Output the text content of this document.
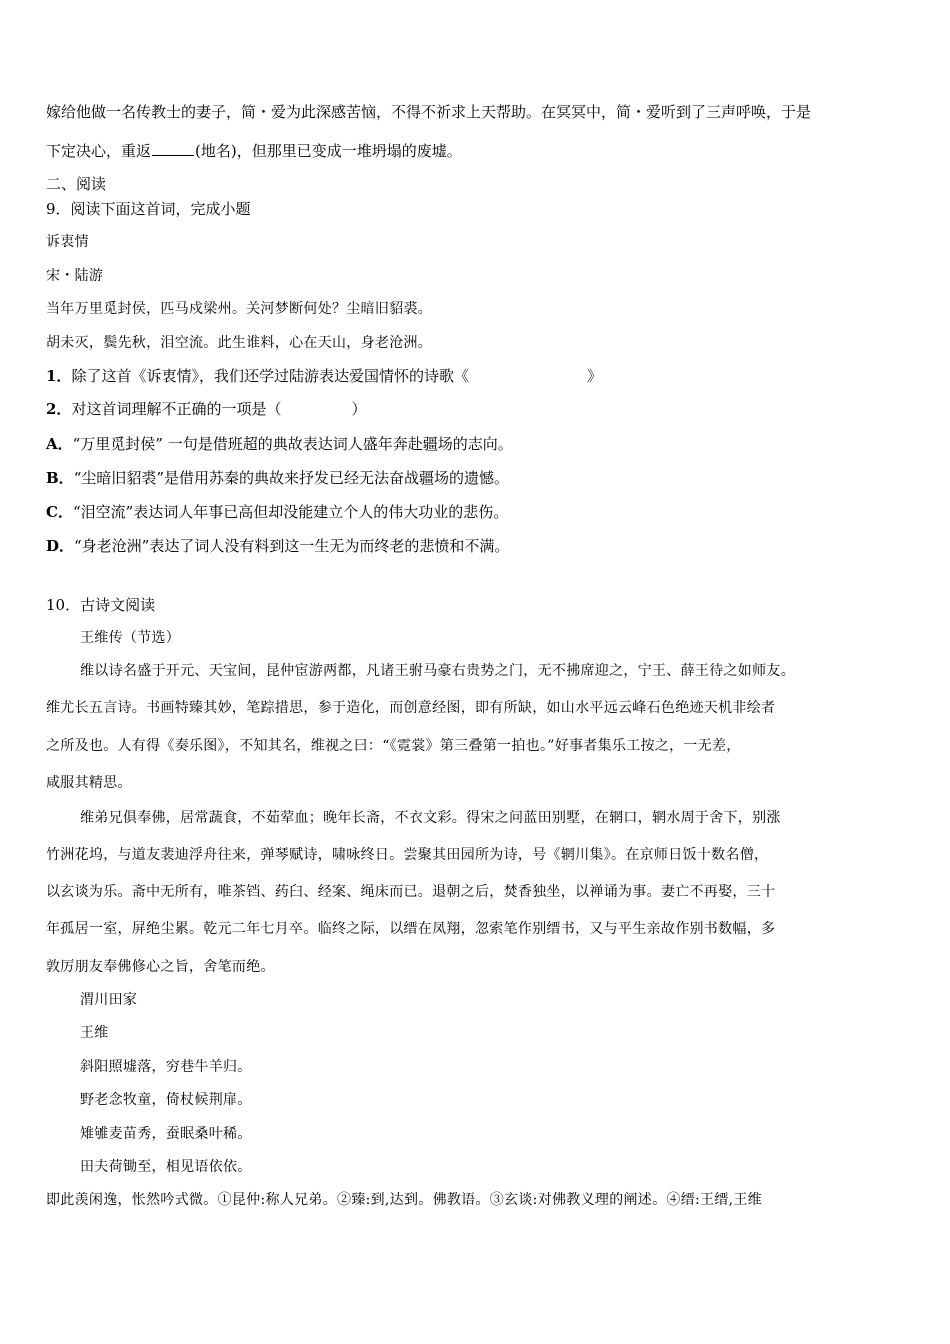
嫁给他做一名传教士的妻子，简・爱为此深感苦恼，不得不祈求上天帮助。在冥冥中，简・爱听到了三声呼唤，于是
下定决心，重返	(地名)，但那里已变成一堆坍塌的废墟。
二、阅读
9．阅读下面这首词，完成小题
诉衷情
宋・陆游
当年万里觅封侯，匹马戍梁州。关河梦断何处？尘暗旧貂裘。
胡未灭，鬓先秋，泪空流。此生谁料，心在天山，身老沧洲。
1．除了这首《诉衷情》，我们还学过陆游表达爱国情怀的诗歌《	》
2．对这首词理解不正确的一项是（	）
A．“万里觅封侯” 一句是借班超的典故表达词人盛年奔赴疆场的志向。
B．“尘暗旧貂裘”是借用苏秦的典故来抒发已经无法奋战疆场的遗憾。
C．“泪空流”表达词人年事已高但却没能建立个人的伟大功业的悲伤。
D．“身老沧洲”表达了词人没有料到这一生无为而终老的悲愤和不满。
10．古诗文阅读
王维传（节选）
维以诗名盛于开元、天宝间，昆仲宦游两都，凡诸王驸马豪右贵势之门，无不拂席迎之，宁王、薛王待之如师友。
维尤长五言诗。书画特臻其妙，笔踪措思，参于造化，而创意经图，即有所缺，如山水平远云峰石色绝迹天机非绘者
之所及也。人有得《奏乐图》，不知其名，维视之曰：“《霓裳》第三叠第一拍也。”好事者集乐工按之，一无差，
咸服其精思。
维弟兄俱奉佛，居常蔬食，不茹荤血；晚年长斋，不衣文彩。得宋之问蓝田别墅，在辋口，辋水周于舍下，别涨
竹洲花坞，与道友裴迪浮舟往来，弹琴赋诗，啸咏终日。尝聚其田园所为诗，号《辋川集》。在京师日饭十数名僧，
以玄谈为乐。斋中无所有，唯茶铛、药臼、经案、绳床而已。退朝之后，焚香独坐，以禅诵为事。妻亡不再娶，三十
年孤居一室，屏绝尘累。乾元二年七月卒。临终之际，以缙在凤翔，忽索笔作别缙书，又与平生亲故作别书数幅，多
敦厉朋友奉佛修心之旨，舍笔而绝。
渭川田家
王维
斜阳照墟落，穷巷牛羊归。
野老念牧童，倚杖候荆扉。
雉雊麦苗秀，蚕眠桑叶稀。
田夫荷锄至，相见语依依。
即此羡闲逸，怅然吟式微。①昆仲:称人兄弟。②臻:到,达到。佛教语。③玄谈:对佛教义理的阐述。④缙:王缙,王维
